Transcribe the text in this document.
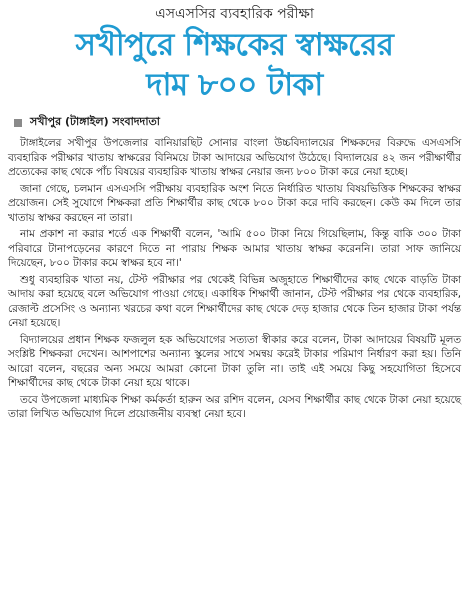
এসএসসির ব্যবহারিক পরীক্ষা
সখীপুরে শিক্ষকের স্বাক্ষরের
দাম ৮০০ টাকা
সখীপুর (টাঙ্গাইল) সংবাদদাতা

টাঙ্গাইলের সখীপুর উপজেলার বানিয়ারছিট সোনার বাংলা উচ্চবিদ্যালয়ের শিক্ষকদের বিরুদ্ধে এসএসসি ব্যবহারিক পরীক্ষার খাতায় স্বাক্ষরের বিনিময়ে টাকা আদায়ের অভিযোগ উঠেছে। বিদ্যালয়ের ৪২ জন পরীক্ষার্থীর প্রত্যেকের কাছ থেকে পাঁচ বিষয়ের ব্যবহারিক খাতায় স্বাক্ষর নেয়ার জন্য ৮০০ টাকা করে নেয়া হচ্ছে।

জানা গেছে, চলমান এসএসসি পরীক্ষায় ব্যবহারিক অংশ নিতে নির্ধারিত খাতায় বিষয়ভিত্তিক শিক্ষকের স্বাক্ষর প্রয়োজন। সেই সুযোগে শিক্ষকরা প্রতি শিক্ষার্থীর কাছ থেকে ৮০০ টাকা করে দাবি করছেন। কেউ কম দিলে তার খাতায় স্বাক্ষর করছেন না তারা।

নাম প্রকাশ না করার শর্তে এক শিক্ষার্থী বলেন, 'আমি ৫০০ টাকা নিয়ে গিয়েছিলাম, কিন্তু বাকি ৩০০ টাকা পরিবারে টানাপড়েনের কারণে দিতে না পারায় শিক্ষক আমার খাতায় স্বাক্ষর করেননি। তারা সাফ জানিয়ে দিয়েছেন, ৮০০ টাকার কমে স্বাক্ষর হবে না।'

শুধু ব্যবহারিক খাতা নয়, টেস্ট পরীক্ষার পর থেকেই বিভিন্ন অজুহাতে শিক্ষার্থীদের কাছ থেকে বাড়তি টাকা আদায় করা হয়েছে বলে অভিযোগ পাওয়া গেছে। একাধিক শিক্ষার্থী জানান, টেস্ট পরীক্ষার পর থেকে ব্যবহারিক, রেজাল্ট প্রসেসিং ও অন্যান্য খরচের কথা বলে শিক্ষার্থীদের কাছ থেকে দেড় হাজার থেকে তিন হাজার টাকা পর্যন্ত নেয়া হয়েছে।

বিদ্যালয়ের প্রধান শিক্ষক ফজলুল হক অভিযোগের সত্যতা স্বীকার করে বলেন, টাকা আদায়ের বিষয়টি মূলত সংশ্লিষ্ট শিক্ষকরা দেখেন। আশপাশের অন্যান্য স্কুলের সাথে সমন্বয় করেই টাকার পরিমাণ নির্ধারণ করা হয়। তিনি আরো বলেন, বছরের অন্য সময়ে আমরা কোনো টাকা তুলি না। তাই এই সময়ে কিছু সহযোগিতা হিসেবে শিক্ষার্থীদের কাছ থেকে টাকা নেয়া হয়ে থাকে।

তবে উপজেলা মাধ্যমিক শিক্ষা কর্মকর্তা হারুন অর রশিদ বলেন, যেসব শিক্ষার্থীর কাছ থেকে টাকা নেয়া হয়েছে তারা লিখিত অভিযোগ দিলে প্রয়োজনীয় ব্যবস্থা নেয়া হবে।
